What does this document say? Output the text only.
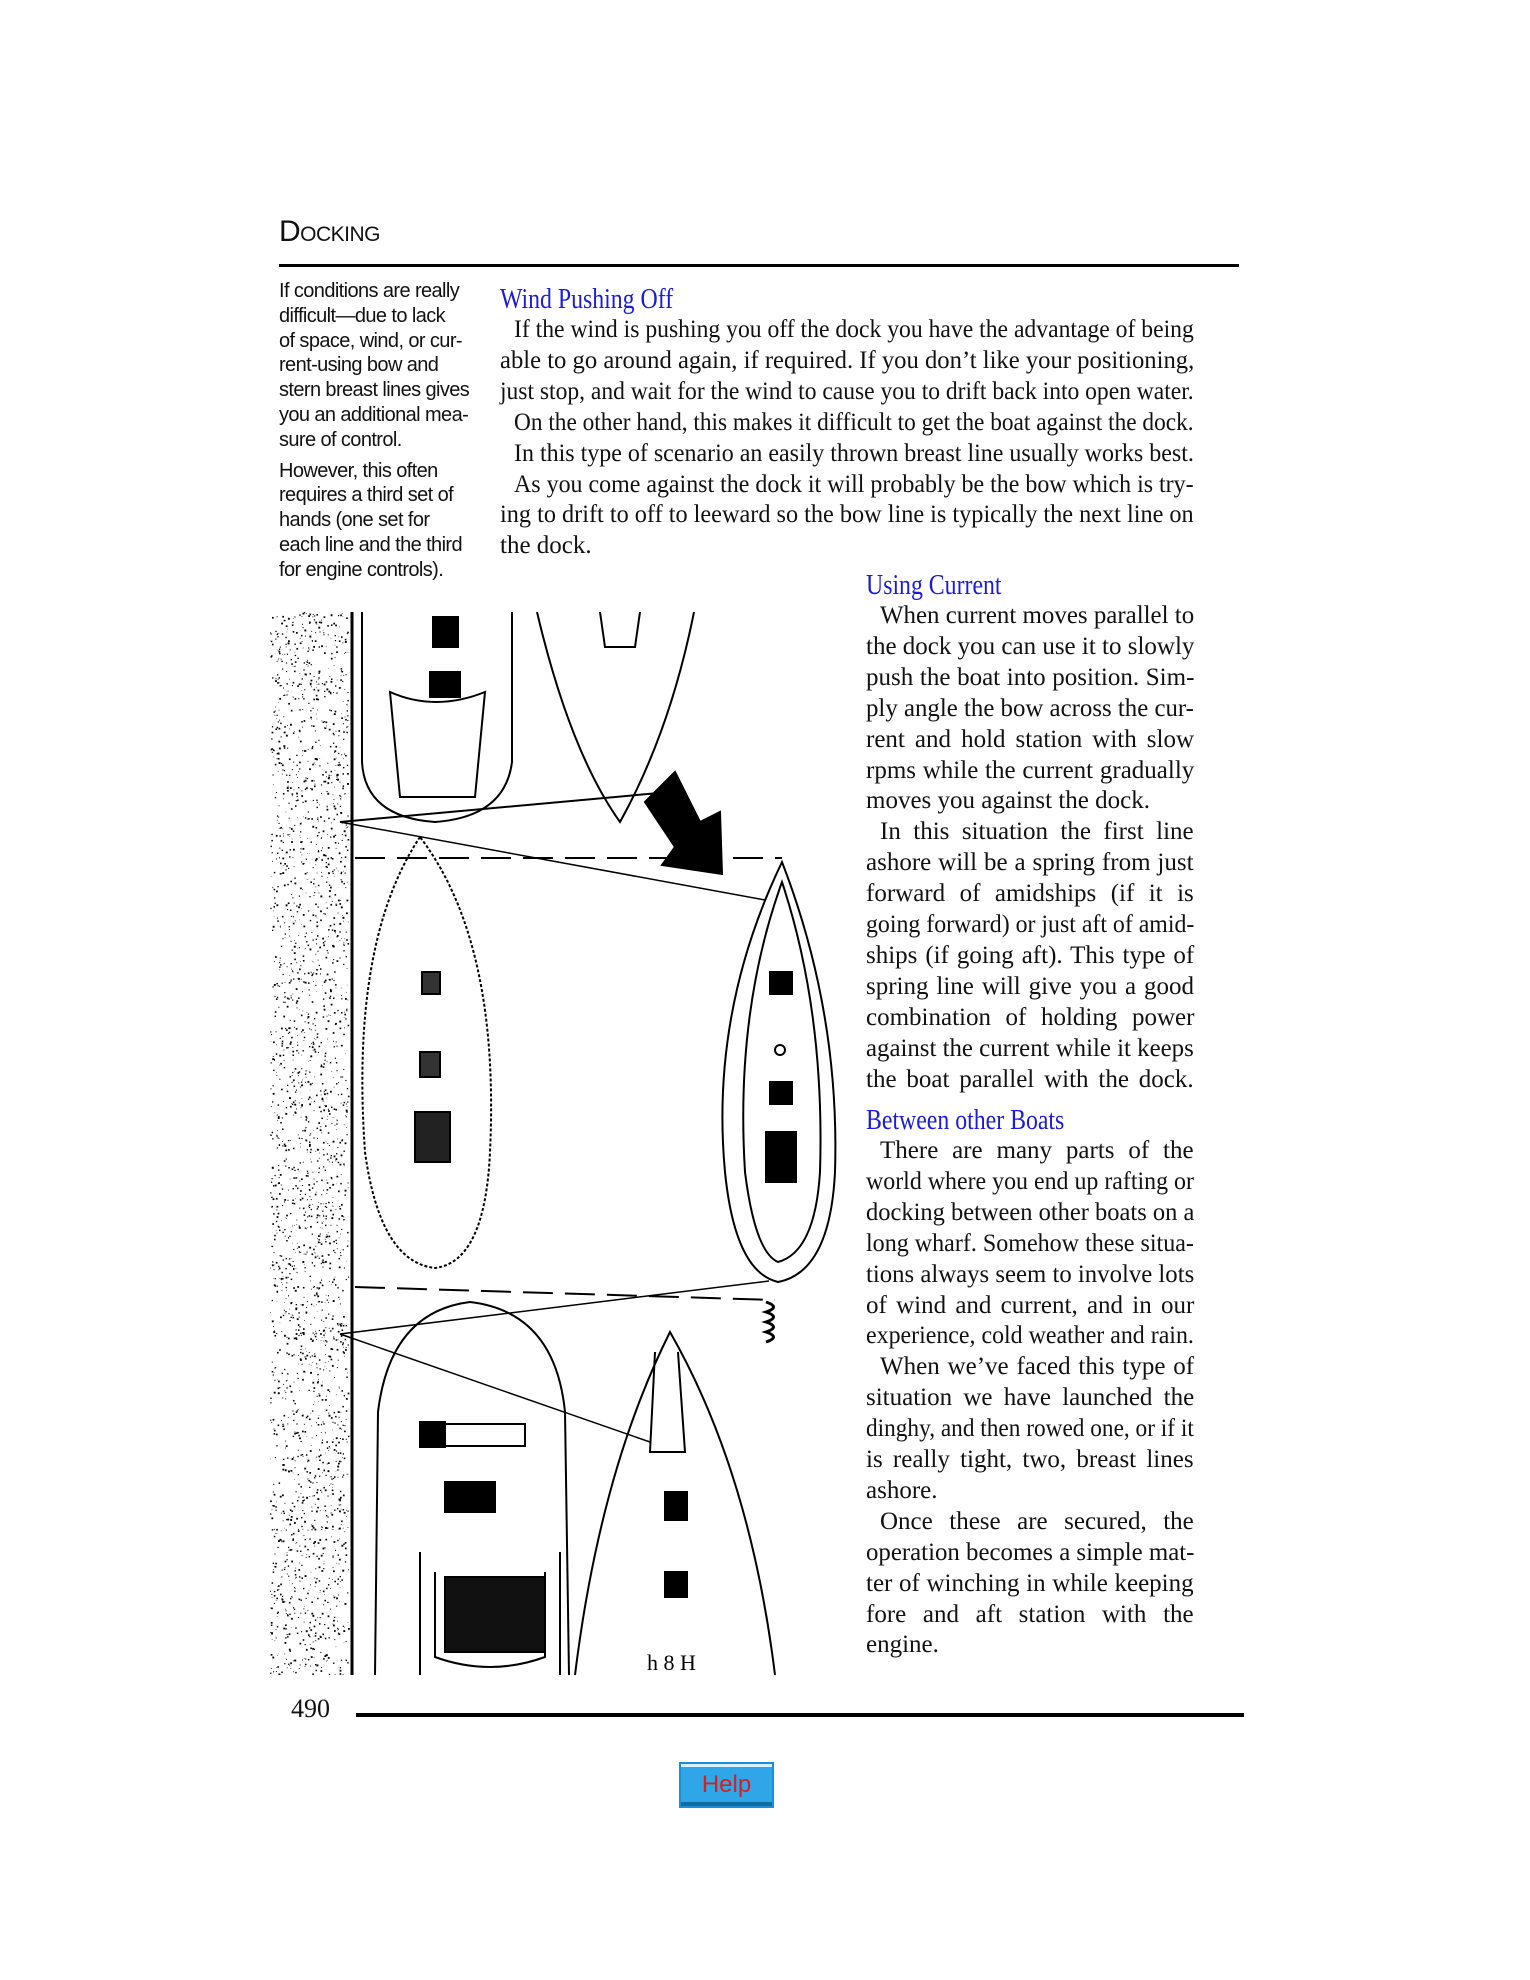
Docking
If conditions are really
difficult—due to lack
of space, wind, or cur-
rent-using bow and
stern breast lines gives
you an additional mea-
sure of control.
However, this often
requires a third set of
hands (one set for
each line and the third
for engine controls).
Wind Pushing Off
If the wind is pushing you off the dock you have the advantage of being
able to go around again, if required. If you don’t like your positioning,
just stop, and wait for the wind to cause you to drift back into open water.
On the other hand, this makes it difficult to get the boat against the dock.
In this type of scenario an easily thrown breast line usually works best.
As you come against the dock it will probably be the bow which is try-
ing to drift to off to leeward so the bow line is typically the next line on
the dock.
Using Current
When current moves parallel to
the dock you can use it to slowly
push the boat into position. Sim-
ply angle the bow across the cur-
rent and hold station with slow
rpms while the current gradually
moves you against the dock.
In this situation the first line
ashore will be a spring from just
forward of amidships (if it is
going forward) or just aft of amid-
ships (if going aft). This type of
spring line will give you a good
combination of holding power
against the current while it keeps
the boat parallel with the dock.
Between other Boats
There are many parts of the
world where you end up rafting or
docking between other boats on a
long wharf. Somehow these situa-
tions always seem to involve lots
of wind and current, and in our
experience, cold weather and rain.
When we’ve faced this type of
situation we have launched the
dinghy, and then rowed one, or if it
is really tight, two, breast lines
ashore.
Once these are secured, the
operation becomes a simple mat-
ter of winching in while keeping
fore and aft station with the
engine.
h 8 H
490
Help
